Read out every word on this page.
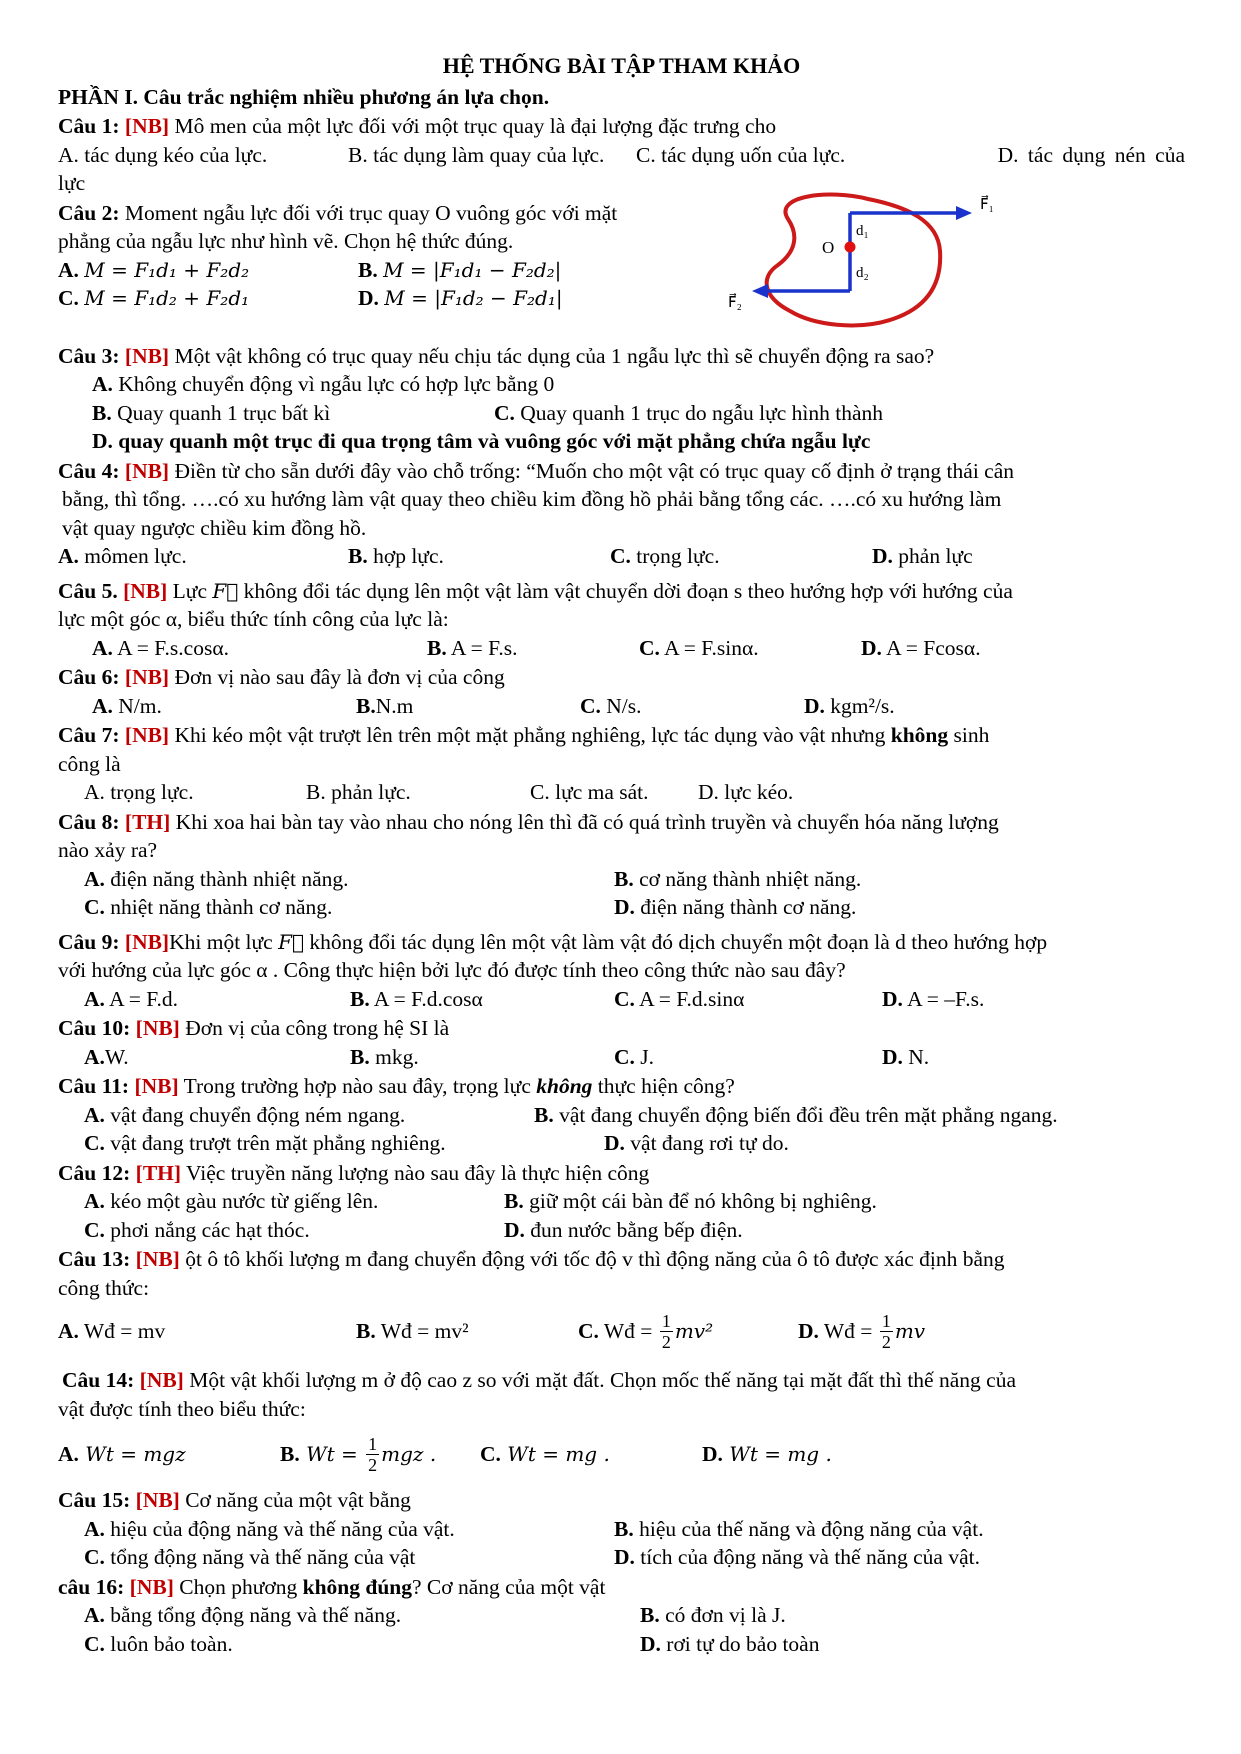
HỆ THỐNG BÀI TẬP THAM KHẢO
PHẦN I. Câu trắc nghiệm nhiều phương án lựa chọn.
Câu 1: [NB] Mô men của một lực đối với một trục quay là đại lượng đặc trưng cho
A. tác dụng kéo của lực.	B. tác dụng làm quay của lực.	C. tác dụng uốn của lực.	D. tác dụng nén của
lực
Câu 2: Moment ngẫu lực đối với trục quay O vuông góc với mặt
phẳng của ngẫu lực như hình vẽ. Chọn hệ thức đúng.
A. M = F₁d₁ + F₂d₂	B. M = |F₁d₁ − F₂d₂|
C. M = F₁d₂ + F₂d₁	D. M = |F₁d₂ − F₂d₁|
F⃗₁
F⃗₂
O
d₁
d₂
Câu 3: [NB] Một vật không có trục quay nếu chịu tác dụng của 1 ngẫu lực thì sẽ chuyển động ra sao?
A. Không chuyển động vì ngẫu lực có hợp lực bằng 0
B. Quay quanh 1 trục bất kì	C. Quay quanh 1 trục do ngẫu lực hình thành
D. quay quanh một trục đi qua trọng tâm và vuông góc với mặt phẳng chứa ngẫu lực
Câu 4: [NB] Điền từ cho sẵn dưới đây vào chỗ trống: “Muốn cho một vật có trục quay cố định ở trạng thái cân
bằng, thì tổng. ….có xu hướng làm vật quay theo chiều kim đồng hồ phải bằng tổng các. ….có xu hướng làm
vật quay ngược chiều kim đồng hồ.
A. mômen lực.	B. hợp lực.	C. trọng lực.	D. phản lực
Câu 5. [NB] Lực F⃗ không đổi tác dụng lên một vật làm vật chuyển dời đoạn s theo hướng hợp với hướng của
lực một góc α, biểu thức tính công của lực là:
A. A = F.s.cosα.	B. A = F.s.	C. A = F.sinα.	D. A = Fcosα.
Câu 6: [NB] Đơn vị nào sau đây là đơn vị của công
A. N/m.	B.N.m	C. N/s.	D. kgm²/s.
Câu 7: [NB] Khi kéo một vật trượt lên trên một mặt phẳng nghiêng, lực tác dụng vào vật nhưng không sinh
công là
A. trọng lực.	B. phản lực.	C. lực ma sát.	D. lực kéo.
Câu 8: [TH] Khi xoa hai bàn tay vào nhau cho nóng lên thì đã có quá trình truyền và chuyển hóa năng lượng
nào xảy ra?
A. điện năng thành nhiệt năng.	B. cơ năng thành nhiệt năng.
C. nhiệt năng thành cơ năng.	D. điện năng thành cơ năng.
Câu 9: [NB]Khi một lực F⃗ không đổi tác dụng lên một vật làm vật đó dịch chuyển một đoạn là d theo hướng hợp
với hướng của lực góc α . Công thực hiện bởi lực đó được tính theo công thức nào sau đây?
A. A = F.d.	B. A = F.d.cosα	C. A = F.d.sinα	D. A = –F.s.
Câu 10: [NB] Đơn vị của công trong hệ SI là
A.W.	B. mkg.	C. J.	D. N.
Câu 11: [NB] Trong trường hợp nào sau đây, trọng lực không thực hiện công?
A. vật đang chuyển động ném ngang.	B. vật đang chuyển động biến đổi đều trên mặt phẳng ngang.
C. vật đang trượt trên mặt phẳng nghiêng.	D. vật đang rơi tự do.
Câu 12: [TH] Việc truyền năng lượng nào sau đây là thực hiện công
A. kéo một gàu nước từ giếng lên.	B. giữ một cái bàn để nó không bị nghiêng.
C. phơi nắng các hạt thóc.	D. đun nước bằng bếp điện.
Câu 13: [NB] ột ô tô khối lượng m đang chuyển động với tốc độ v thì động năng của ô tô được xác định bằng
công thức:
A. Wđ = mv	B. Wđ = mv²	C. Wđ = $\frac{1}{2} mv^2$	D. Wđ = $\frac{1}{2}$ mv
Câu 14: [NB] Một vật khối lượng m ở độ cao z so với mặt đất. Chọn mốc thế năng tại mặt đất thì thế năng của
vật được tính theo biểu thức:
A. Wt = mgz	B. $Wt = \frac{1}{2}$ mgz . C. Wt = mg .	D. Wt = mg .
Câu 15: [NB] Cơ năng của một vật bằng
A. hiệu của động năng và thế năng của vật.	B. hiệu của thế năng và động năng của vật.
C. tổng động năng và thế năng của vật	D. tích của động năng và thế năng của vật.
câu 16: [NB] Chọn phương không đúng? Cơ năng của một vật
A. bằng tổng động năng và thế năng.	B. có đơn vị là J.
C. luôn bảo toàn.	D. rơi tự do bảo toàn
